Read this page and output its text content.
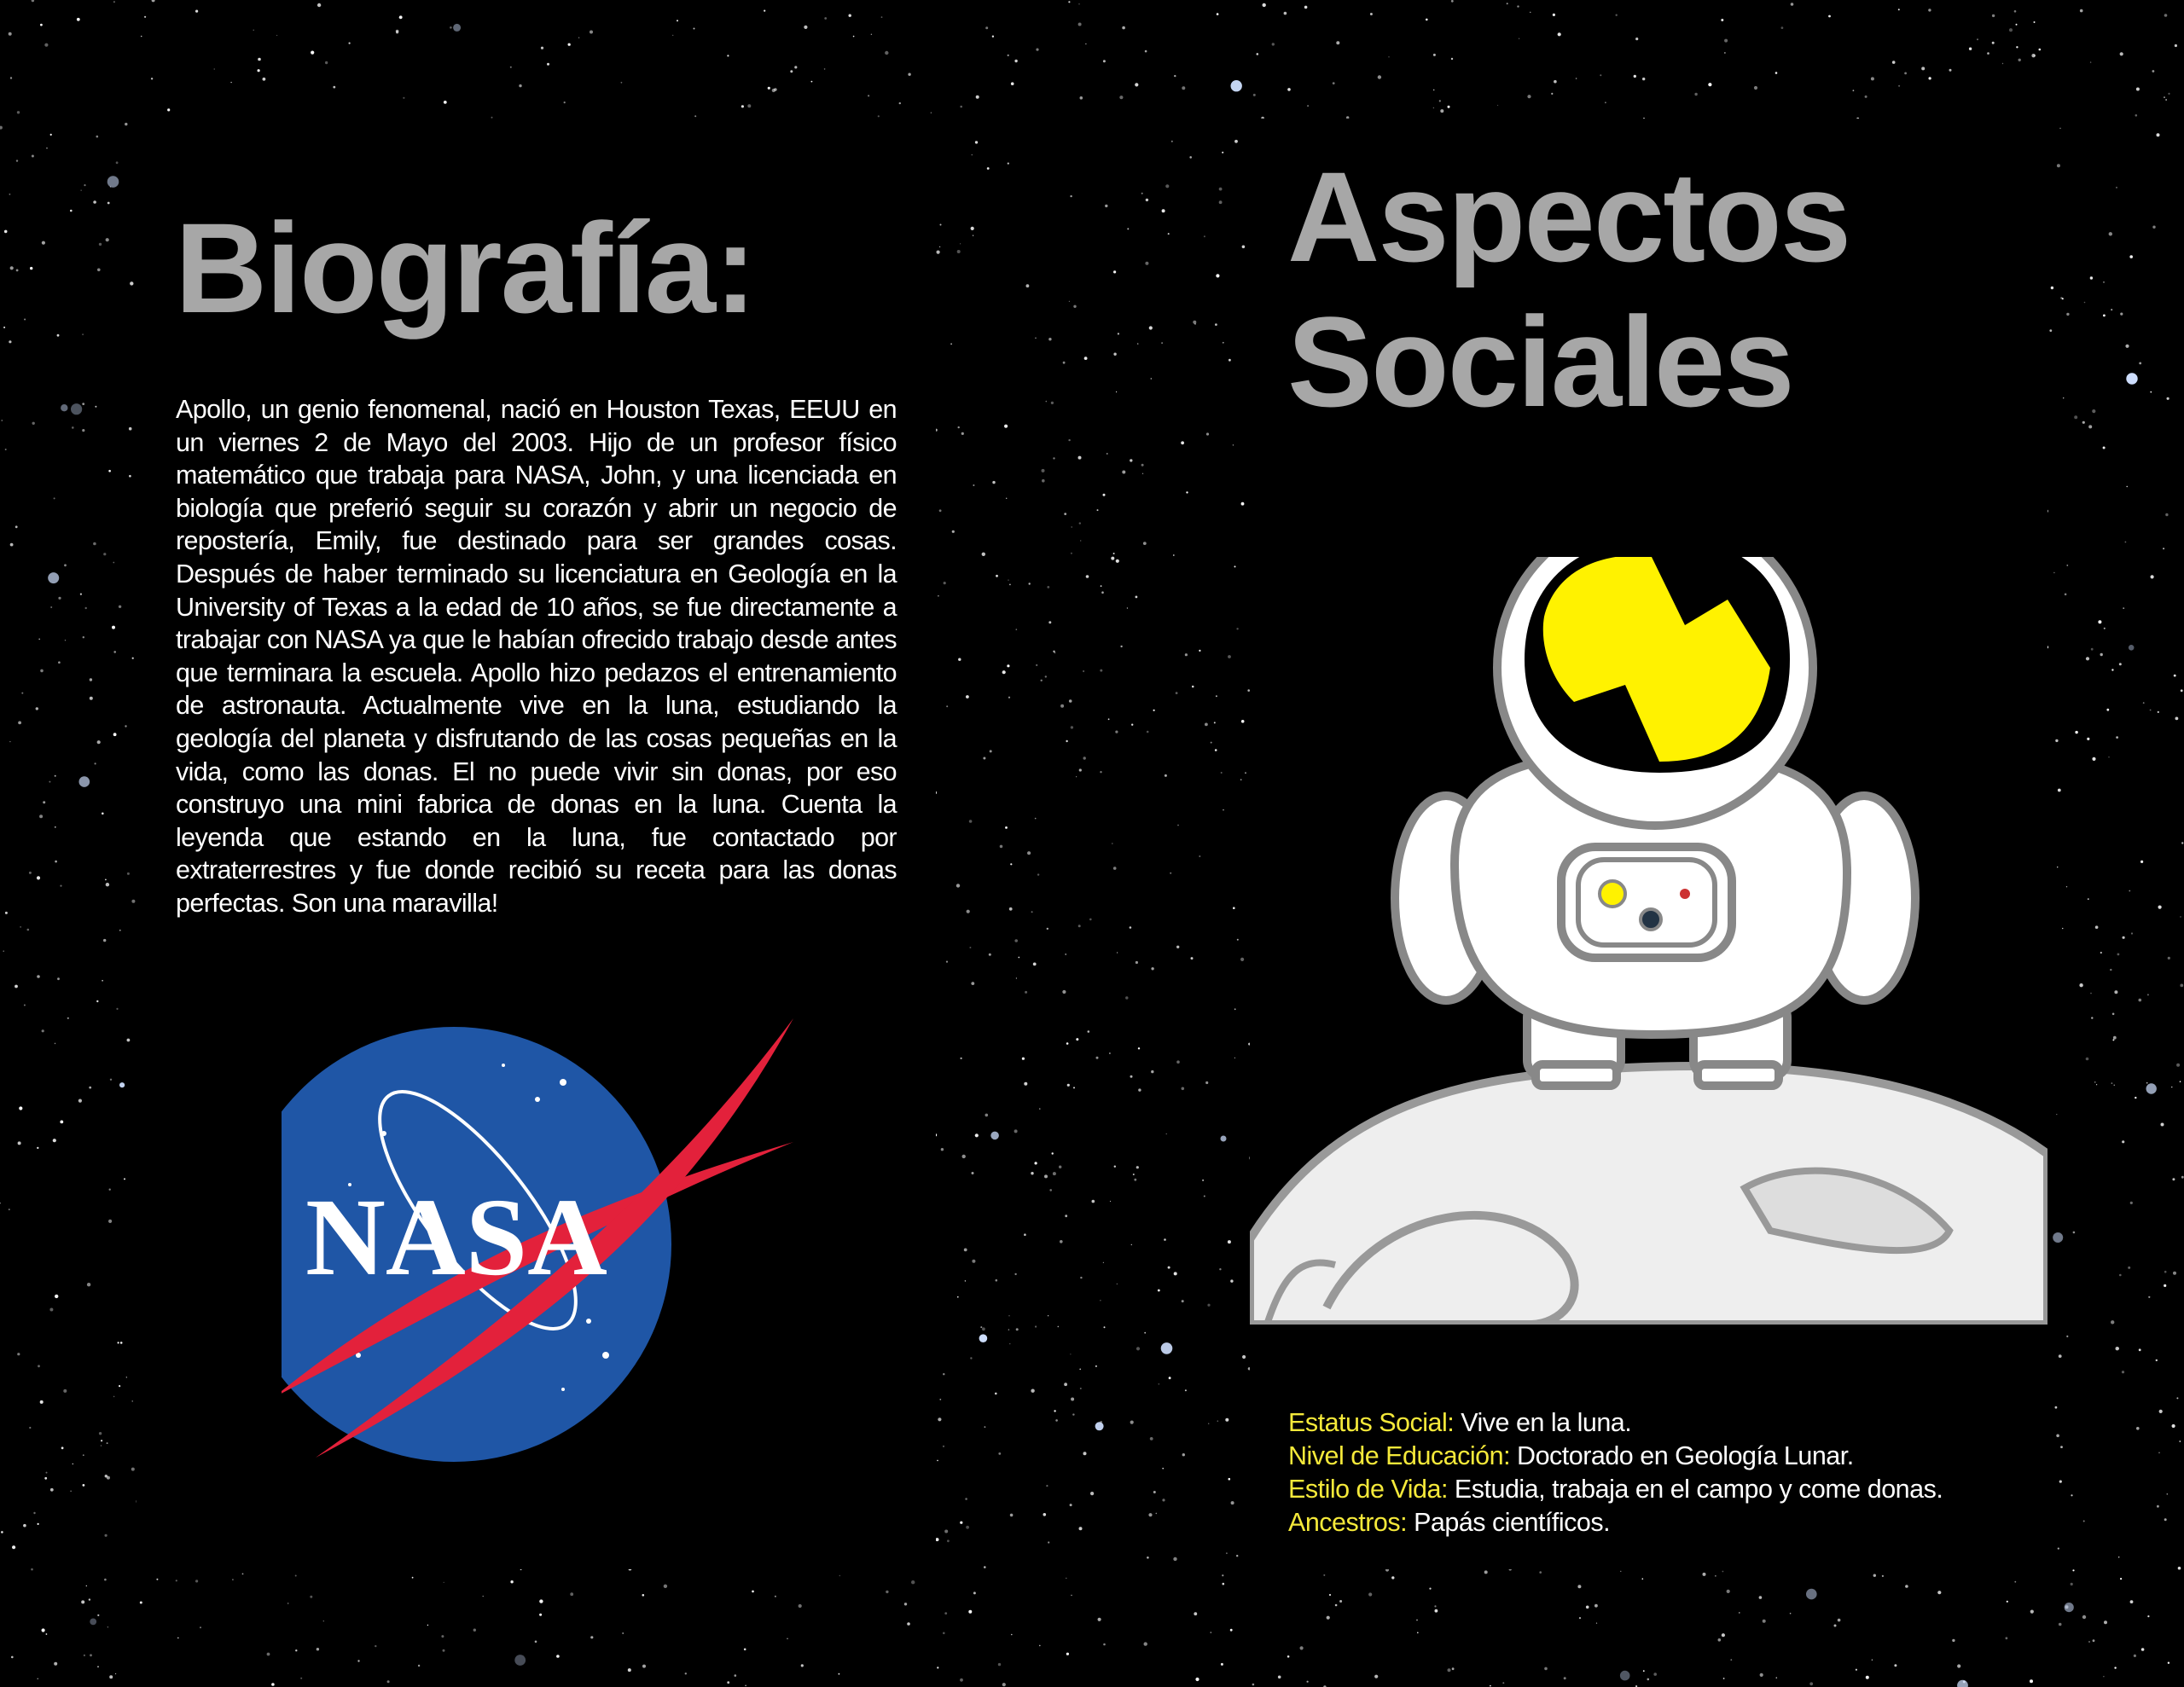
Biografía:

Apollo, un genio fenomenal, nació en Houston Texas, EEUU en un viernes 2 de Mayo del 2003. Hijo de un profesor físico matemático que trabaja para NASA, John, y una licenciada en biología que preferió seguir su corazón y abrir un negocio de repostería, Emily, fue destinado para ser grandes cosas. Después de haber terminado su licenciatura en Geología en la University of Texas a la edad de 10 años, se fue directamente a trabajar con NASA ya que le habían ofrecido trabajo desde antes que terminara la escuela. Apollo hizo pedazos el entrenamiento de astronauta. Actualmente vive en la luna, estudiando la geología del planeta y disfrutando de las cosas pequeñas en la vida, como las donas. El no puede vivir sin donas, por eso construyo una mini fabrica de donas en la luna. Cuenta la leyenda que estando en la luna, fue contactado por extraterrestres y fue donde recibió su receta para las donas perfectas. Son una maravilla!

NASA
Aspectos
Sociales
Estatus Social: Vive en la luna.
Nivel de Educación: Doctorado en Geología Lunar.
Estilo de Vida: Estudia, trabaja en el campo y come donas.
Ancestros: Papás científicos.
